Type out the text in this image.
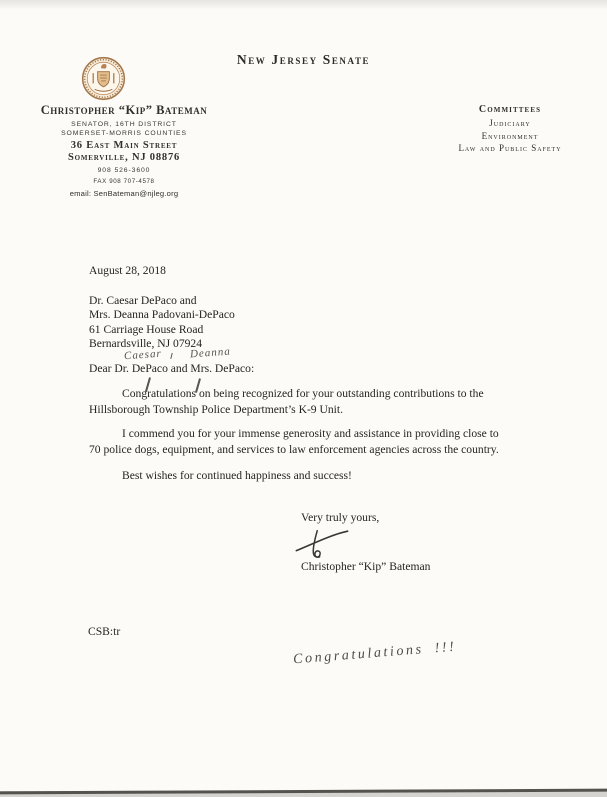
New Jersey Senate
Christopher “Kip” Bateman
SENATOR, 16TH DISTRICT
SOMERSET-MORRIS COUNTIES
36 East Main Street
Somerville, NJ 08876
908 526-3600
FAX 908 707-4578
email: SenBateman@njleg.org
Committees
Judiciary
Environment
Law and Public Safety
August 28, 2018
Dr. Caesar DePaco and
Mrs. Deanna Padovani-DePaco
61 Carriage House Road
Bernardsville, NJ 07924
Caesar Deanna
Dear Dr. DePaco and Mrs. DePaco:
Congratulations on being recognized for your outstanding contributions to the
Hillsborough Township Police Department’s K-9 Unit.
I commend you for your immense generosity and assistance in providing close to
70 police dogs, equipment, and services to law enforcement agencies across the country.
Best wishes for continued happiness and success!
Very truly yours,
Christopher “Kip” Bateman
CSB:tr
Congratulations !!!
